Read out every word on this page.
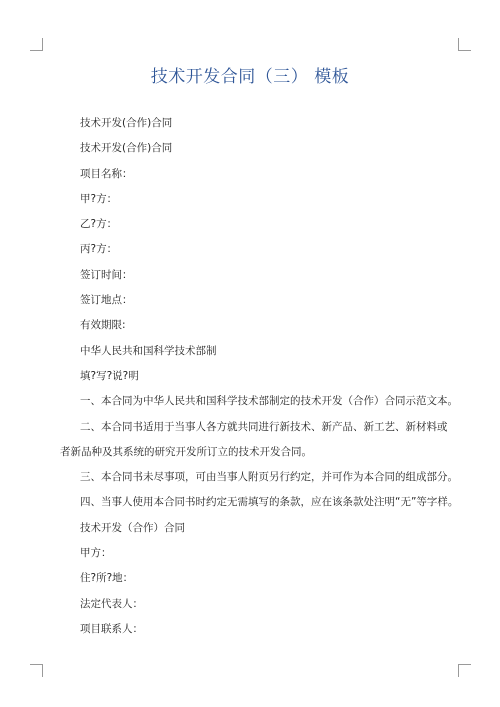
技术开发合同（三） 模板

技术开发(合作)合同

技术开发(合作)合同

项目名称：

甲?方：

乙?方：

丙?方：

签订时间：

签订地点：

有效期限:

中华人民共和国科学技术部制

填?写?说?明

一、本合同为中华人民共和国科学技术部制定的技术开发（合作）合同示范文本。

二、本合同书适用于当事人各方就共同进行新技术、新产品、新工艺、新材料或

者新品种及其系统的研究开发所订立的技术开发合同。

三、本合同书未尽事项，可由当事人附页另行约定，并可作为本合同的组成部分。

四、当事人使用本合同书时约定无需填写的条款，应在该条款处注明“无”等字样。

技术开发（合作）合同

甲方：

住?所?地：

法定代表人：

项目联系人：
